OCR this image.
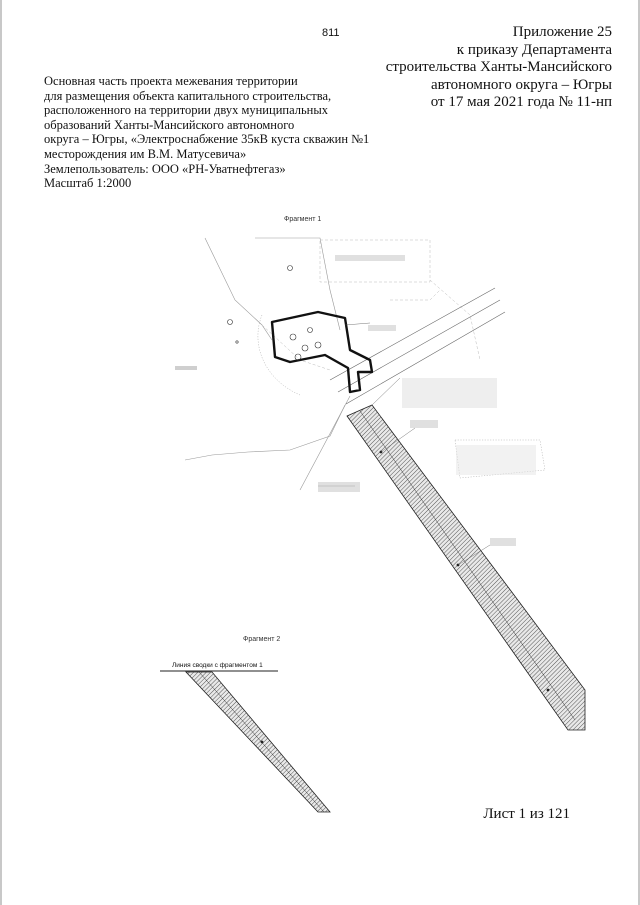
811	Приложение 25
к приказу Департамента
строительства Ханты-Мансийского
автономного округа – Югры
от 17 мая 2021 года № 11-нп
Основная часть проекта межевания территории
для размещения объекта капитального строительства,
расположенного на территории двух муниципальных
образований Ханты-Мансийского автономного
округа – Югры, «Электроснабжение 35кВ куста скважин №1
месторождения им В.М. Матусевича»
Землепользователь: ООО «РН-Уватнефтегаз»
Масштаб 1:2000
Фрагмент 1
Фрагмент 2
Линия сводки с фрагментом 1
Лист 1 из 121
